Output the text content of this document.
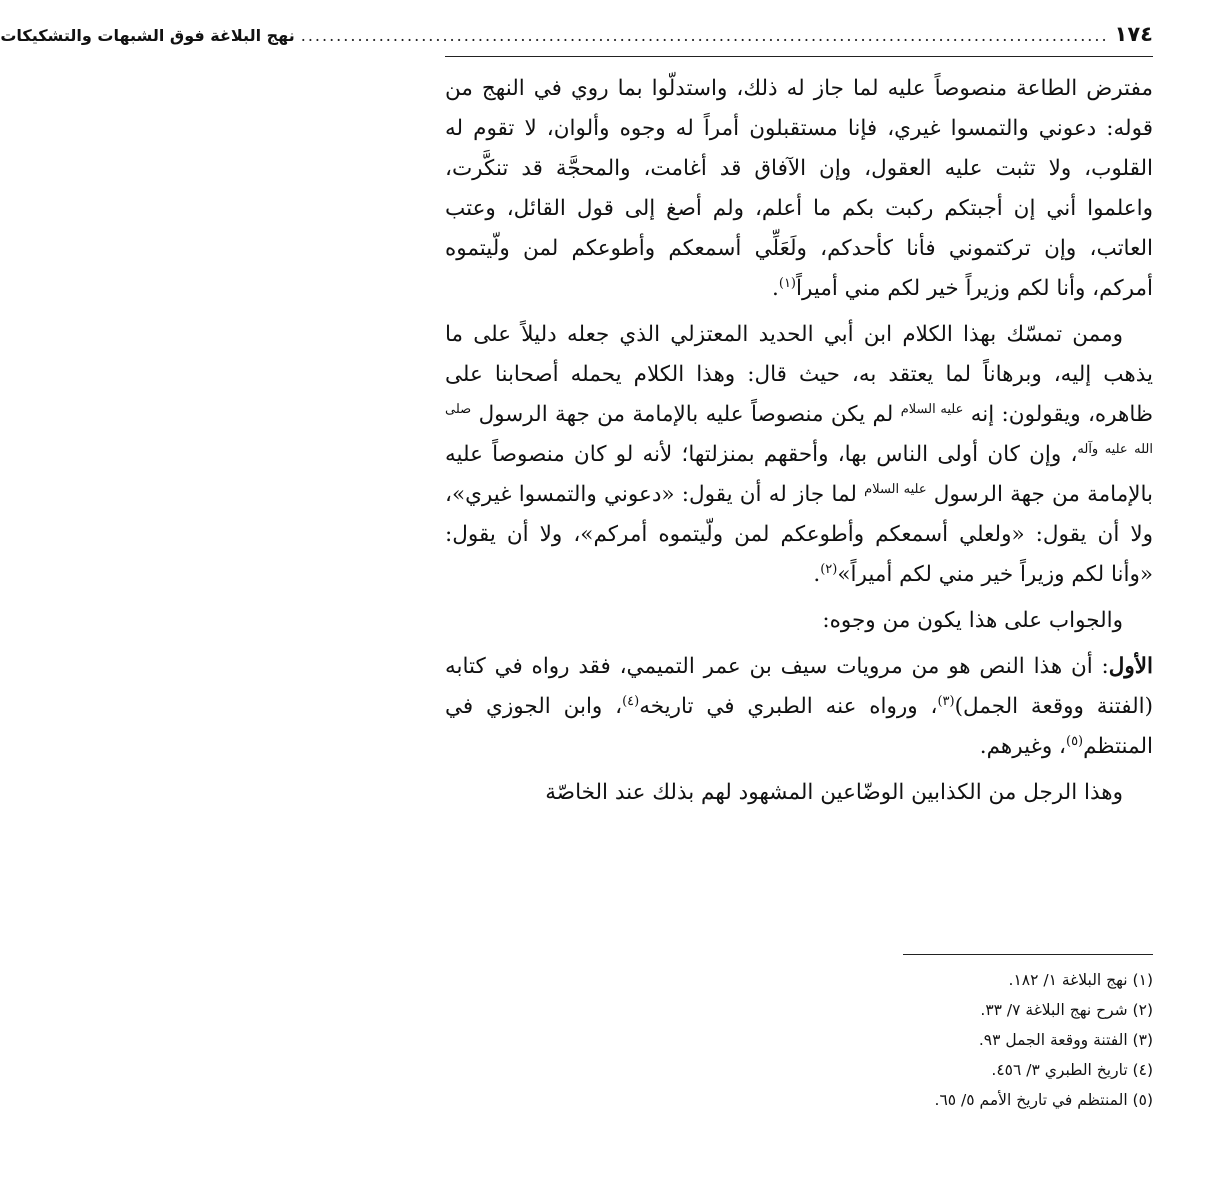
١٧٤
..................................................................................................................
نهج البلاغة فوق الشبهات والتشكيكات

مفترض الطاعة منصوصاً عليه لما جاز له ذلك، واستدلّوا بما روي في النهج من قوله: دعوني والتمسوا غيري، فإنا مستقبلون أمراً له وجوه وألوان، لا تقوم له القلوب، ولا تثبت عليه العقول، وإن الآفاق قد أغامت، والمحجَّة قد تنكَّرت، واعلموا أني إن أجبتكم ركبت بكم ما أعلم، ولم أصغ إلى قول القائل، وعتب العاتب، وإن تركتموني فأنا كأحدكم، ولَعَلِّي أسمعكم وأطوعكم لمن ولّيتموه أمركم، وأنا لكم وزيراً خير لكم مني أميراً$^{(١)}$.

وممن تمسّك بهذا الكلام ابن أبي الحديد المعتزلي الذي جعله دليلاً على ما يذهب إليه، وبرهاناً لما يعتقد به، حيث قال: وهذا الكلام يحمله أصحابنا على ظاهره، ويقولون: إنه $^{عليه السلام}$ لم يكن منصوصاً عليه بالإمامة من جهة الرسول $^{صلى الله عليه وآله}$، وإن كان أولى الناس بها، وأحقهم بمنزلتها؛ لأنه لو كان منصوصاً عليه بالإمامة من جهة الرسول $^{عليه السلام}$ لما جاز له أن يقول: «دعوني والتمسوا غيري»، ولا أن يقول: «ولعلي أسمعكم وأطوعكم لمن ولّيتموه أمركم»، ولا أن يقول: «وأنا لكم وزيراً خير مني لكم أميراً»$^{(٢)}$.

والجواب على هذا يكون من وجوه:

الأول: أن هذا النص هو من مرويات سيف بن عمر التميمي، فقد رواه في كتابه (الفتنة ووقعة الجمل)$^{(٣)}$، ورواه عنه الطبري في تاريخه$^{(٤)}$، وابن الجوزي في المنتظم$^{(٥)}$، وغيرهم.

وهذا الرجل من الكذابين الوضّاعين المشهود لهم بذلك عند الخاصّة

(١) نهج البلاغة ١/ ١٨٢.

(٢) شرح نهج البلاغة ٧/ ٣٣.

(٣) الفتنة ووقعة الجمل ٩٣.

(٤) تاريخ الطبري ٣/ ٤٥٦.

(٥) المنتظم في تاريخ الأمم ٥/ ٦٥.
